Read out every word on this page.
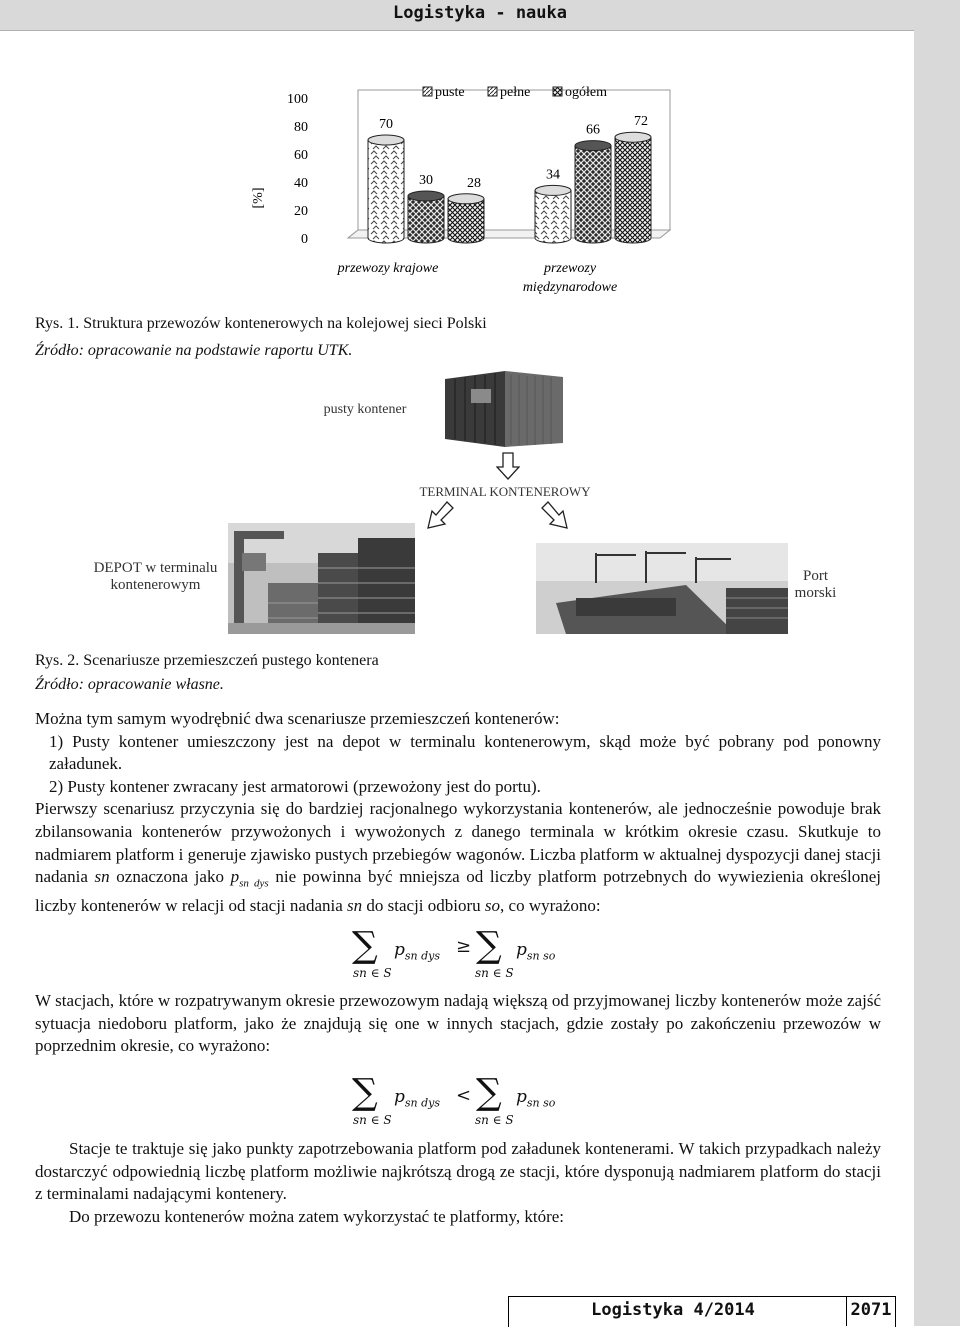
Logistyka - nauka
0
20
40
60
80
100
70
30 28
34
66
72
puste	pełne ogółem
przewozy krajowe	przewozy
międzynarodowe
[%]
Rys. 1. Struktura przewozów kontenerowych na kolejowej sieci Polski
Źródło: opracowanie na podstawie raportu UTK.
pusty kontener
TERMINAL KONTENEROWY
DEPOT w terminalu
kontenerowym
Port
morski
Rys. 2. Scenariusze przemieszczeń pustego kontenera
Źródło: opracowanie własne.

Można tym samym wyodrębnić dwa scenariusze przemieszczeń kontenerów:

1) Pusty kontener umieszczony jest na depot w terminalu kontenerowym, skąd może być pobrany pod ponowny załadunek.

2) Pusty kontener zwracany jest armatorowi (przewożony jest do portu).

Pierwszy scenariusz przyczynia się do bardziej racjonalnego wykorzystania kontenerów, ale jednocześnie powoduje brak zbilansowania kontenerów przywożonych i wywożonych z danego terminala w krótkim okresie czasu. Skutkuje to nadmiarem platform i generuje zjawisko pustych przebiegów wagonów. Liczba platform w aktualnej dyspozycji danej stacji nadania sn oznaczona jako $p_{sn dys}$ nie powinna być mniejsza od liczby platform potrzebnych do wywiezienia określonej liczby kontenerów w relacji od stacji nadania sn do stacji odbioru so, co wyrażono:

∑
sn ∈ S
$p_{sn dys}$ ≥ ∑
sn ∈ S
$p_{sn so}$
W stacjach, które w rozpatrywanym okresie przewozowym nadają większą od przyjmowanej liczby kontenerów może zajść sytuacja niedoboru platform, jako że znajdują się one w innych stacjach, gdzie zostały po zakończeniu przewozów w poprzednim okresie, co wyrażono:
∑
sn ∈ S
$p_{sn dys}$ < ∑
sn ∈ S
$p_{sn so}$

Stacje te traktuje się jako punkty zapotrzebowania platform pod załadunek kontenerami. W takich przypadkach należy dostarczyć odpowiednią liczbę platform możliwie najkrótszą drogą ze stacji, które dysponują nadmiarem platform do stacji z terminalami nadającymi kontenery.

Do przewozu kontenerów można zatem wykorzystać te platformy, które:

Logistyka 4/2014	2071
